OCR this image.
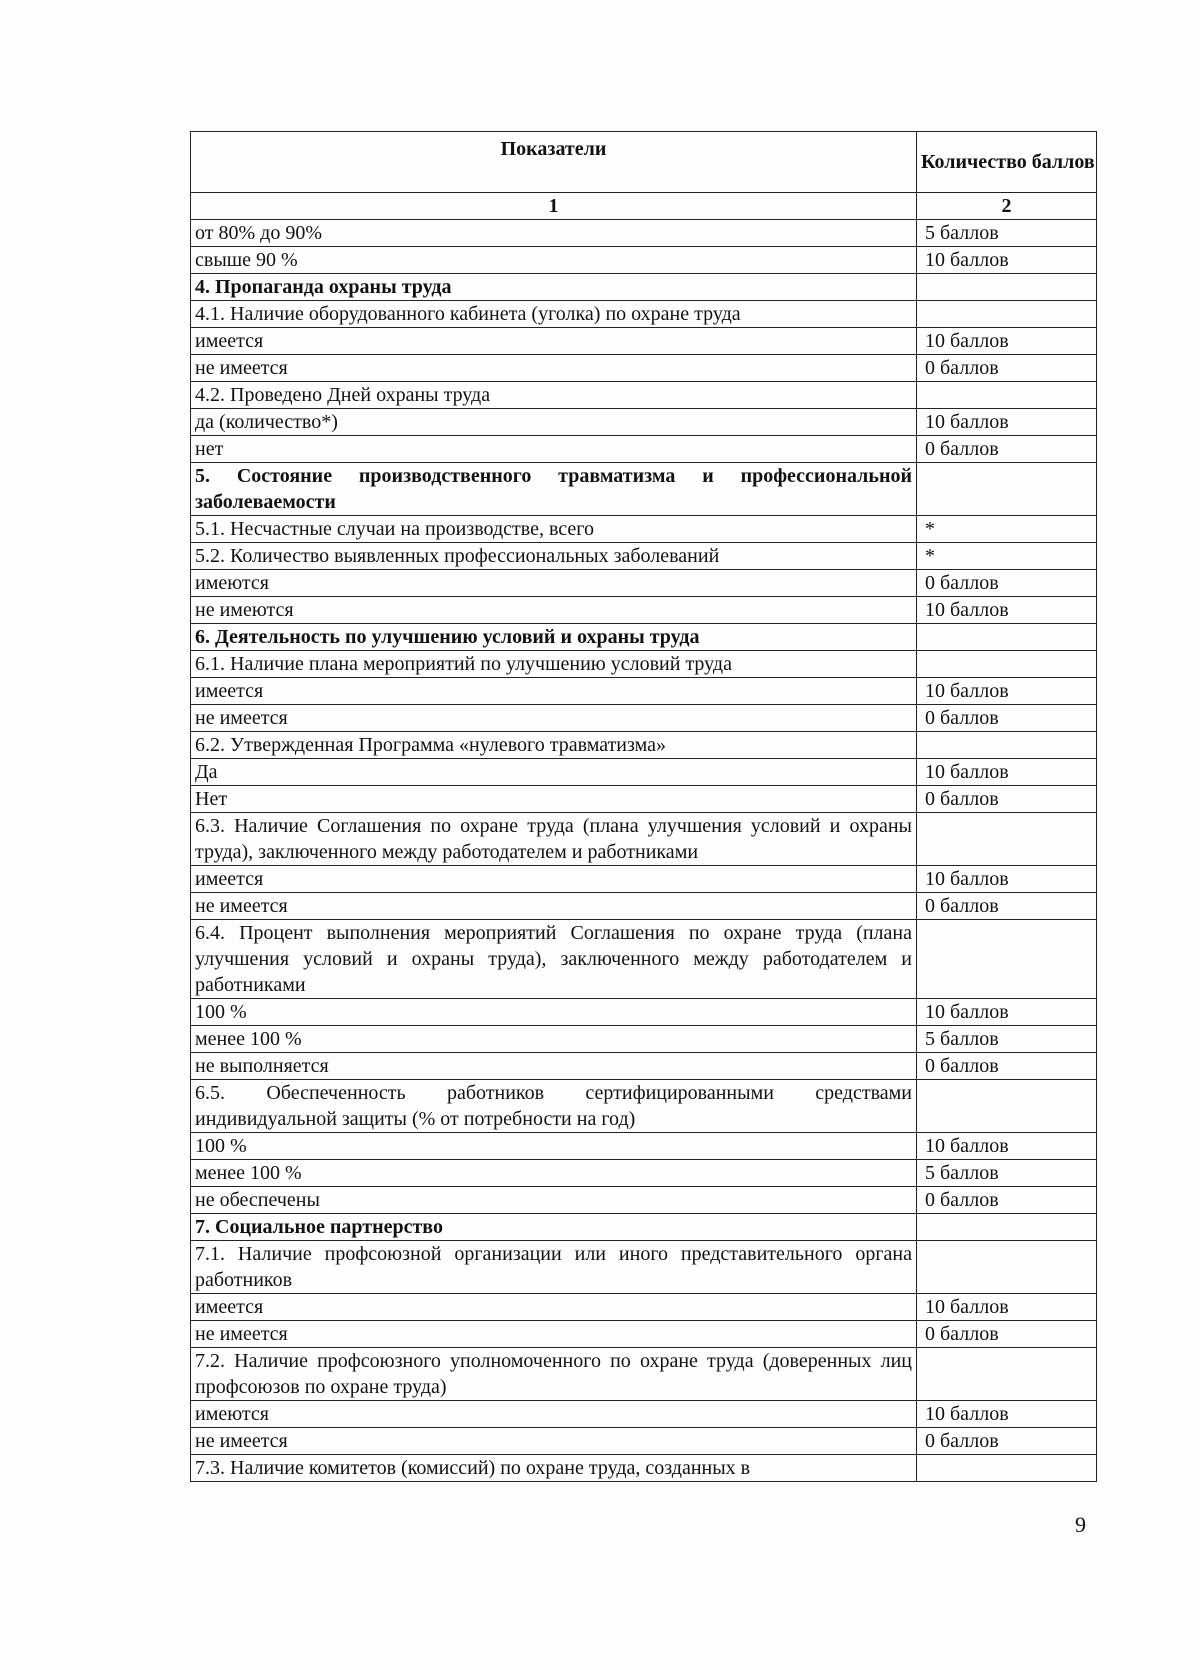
Показатели	Количество баллов
1	2
от 80% до 90%	5 баллов
свыше 90 %	10 баллов
4. Пропаганда охраны труда	
4.1. Наличие оборудованного кабинета (уголка) по охране труда	
имеется	10 баллов
не имеется	0 баллов
4.2. Проведено Дней охраны труда	
да (количество*)	10 баллов
нет	0 баллов
5. Состояние производственного травматизма и профессиональной заболеваемости	
5.1. Несчастные случаи на производстве, всего	*
5.2. Количество выявленных профессиональных заболеваний	*
имеются	0 баллов
не имеются	10 баллов
6. Деятельность по улучшению условий и охраны труда	
6.1. Наличие плана мероприятий по улучшению условий труда	
имеется	10 баллов
не имеется	0 баллов
6.2. Утвержденная Программа «нулевого травматизма»	
Да	10 баллов
Нет	0 баллов
6.3. Наличие Соглашения по охране труда (плана улучшения условий и охраны труда), заключенного между работодателем и работниками	
имеется	10 баллов
не имеется	0 баллов
6.4. Процент выполнения мероприятий Соглашения по охране труда (плана улучшения условий и охраны труда), заключенного между работодателем и работниками	
100 %	10 баллов
менее 100 %	5 баллов
не выполняется	0 баллов
6.5. Обеспеченность работников сертифицированными средствами индивидуальной защиты (% от потребности на год)	
100 %	10 баллов
менее 100 %	5 баллов
не обеспечены	0 баллов
7. Социальное партнерство	
7.1. Наличие профсоюзной организации или иного представительного органа работников	
имеется	10 баллов
не имеется	0 баллов
7.2. Наличие профсоюзного уполномоченного по охране труда (доверенных лиц профсоюзов по охране труда)	
имеются	10 баллов
не имеется	0 баллов
7.3. Наличие комитетов (комиссий) по охране труда, созданных в	
9
